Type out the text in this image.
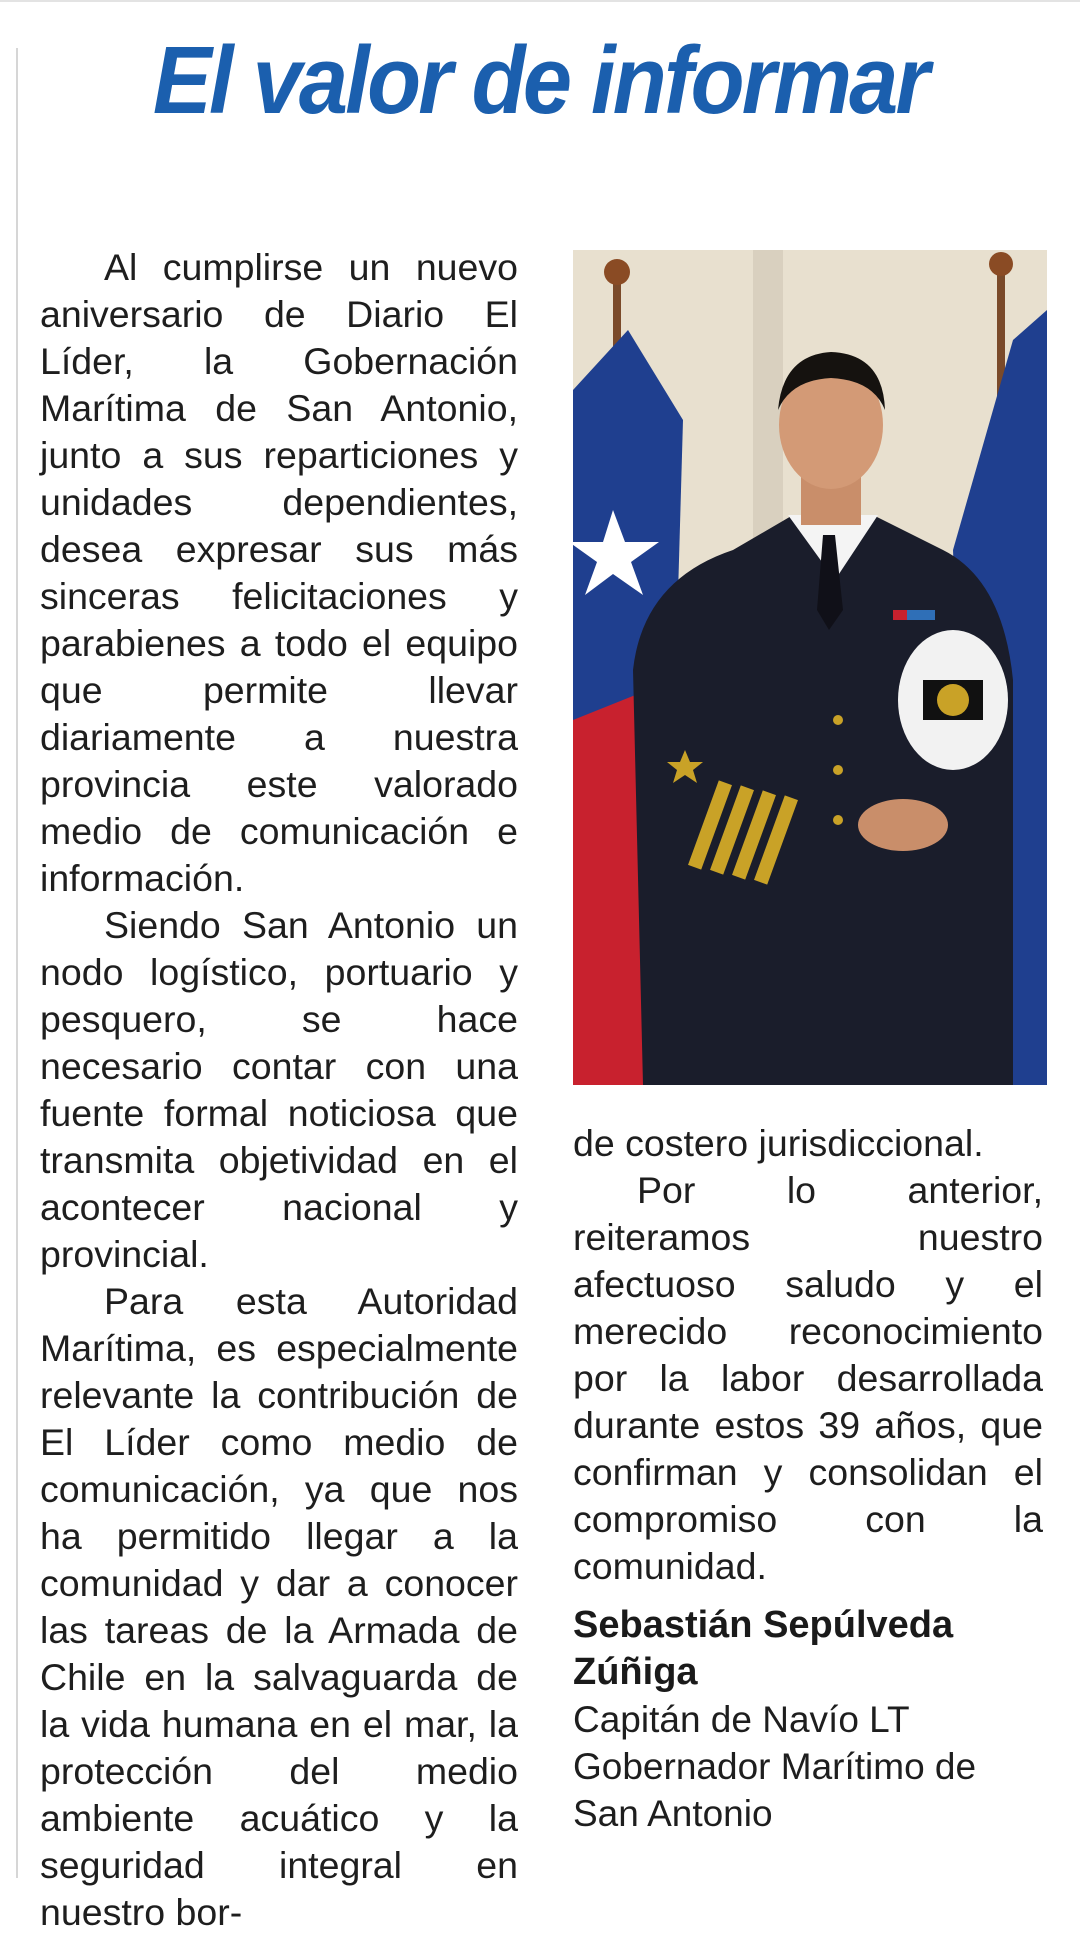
El valor de informar

Al cumplirse un nuevo aniversario de Diario El Líder, la Gobernación Marítima de San Antonio, junto a sus reparticiones y unidades dependientes, desea expresar sus más sinceras felicitaciones y parabienes a todo el equipo que permite llevar diariamente a nuestra provincia este valorado medio de comunicación e información.

Siendo San Antonio un nodo logístico, portuario y pesquero, se hace necesario contar con una fuente formal noticiosa que transmita objetividad en el acontecer nacional y provincial.

Para esta Autoridad Marítima, es especialmente relevante la contribución de El Líder como medio de comunicación, ya que nos ha permitido llegar a la comunidad y dar a conocer las tareas de la Armada de Chile en la salvaguarda de la vida humana en el mar, la protección del medio ambiente acuático y la seguridad integral en nuestro bor-

de costero jurisdiccional.

Por lo anterior, reiteramos nuestro afectuoso saludo y el merecido reconocimiento por la labor desarrollada durante estos 39 años, que confirman y consolidan el compromiso con la comunidad.

Sebastián Sepúlveda Zúñiga
Capitán de Navío LT
Gobernador Marítimo de
San Antonio
